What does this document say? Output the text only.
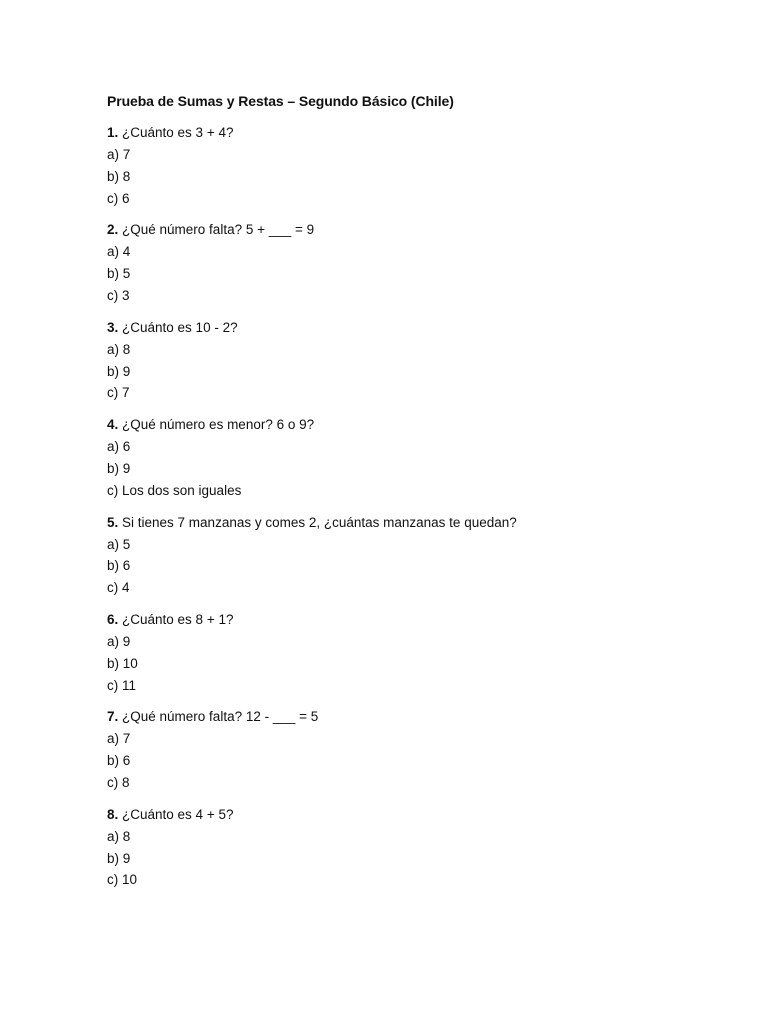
Prueba de Sumas y Restas – Segundo Básico (Chile)
1. ¿Cuánto es 3 + 4?
a) 7
b) 8
c) 6
2. ¿Qué número falta? 5 + ___ = 9
a) 4
b) 5
c) 3
3. ¿Cuánto es 10 - 2?
a) 8
b) 9
c) 7
4. ¿Qué número es menor? 6 o 9?
a) 6
b) 9
c) Los dos son iguales
5. Si tienes 7 manzanas y comes 2, ¿cuántas manzanas te quedan?
a) 5
b) 6
c) 4
6. ¿Cuánto es 8 + 1?
a) 9
b) 10
c) 11
7. ¿Qué número falta? 12 - ___ = 5
a) 7
b) 6
c) 8
8. ¿Cuánto es 4 + 5?
a) 8
b) 9
c) 10
